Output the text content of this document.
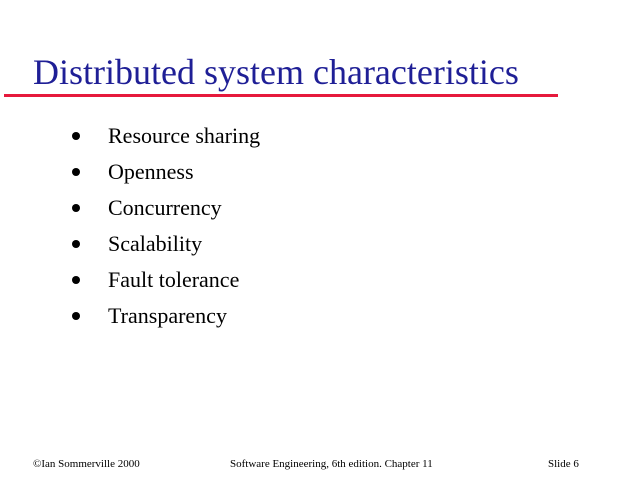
Distributed system characteristics
Resource sharing
Openness
Concurrency
Scalability
Fault tolerance
Transparency
©Ian Sommerville 2000	Software Engineering, 6th edition. Chapter 11	Slide 6
